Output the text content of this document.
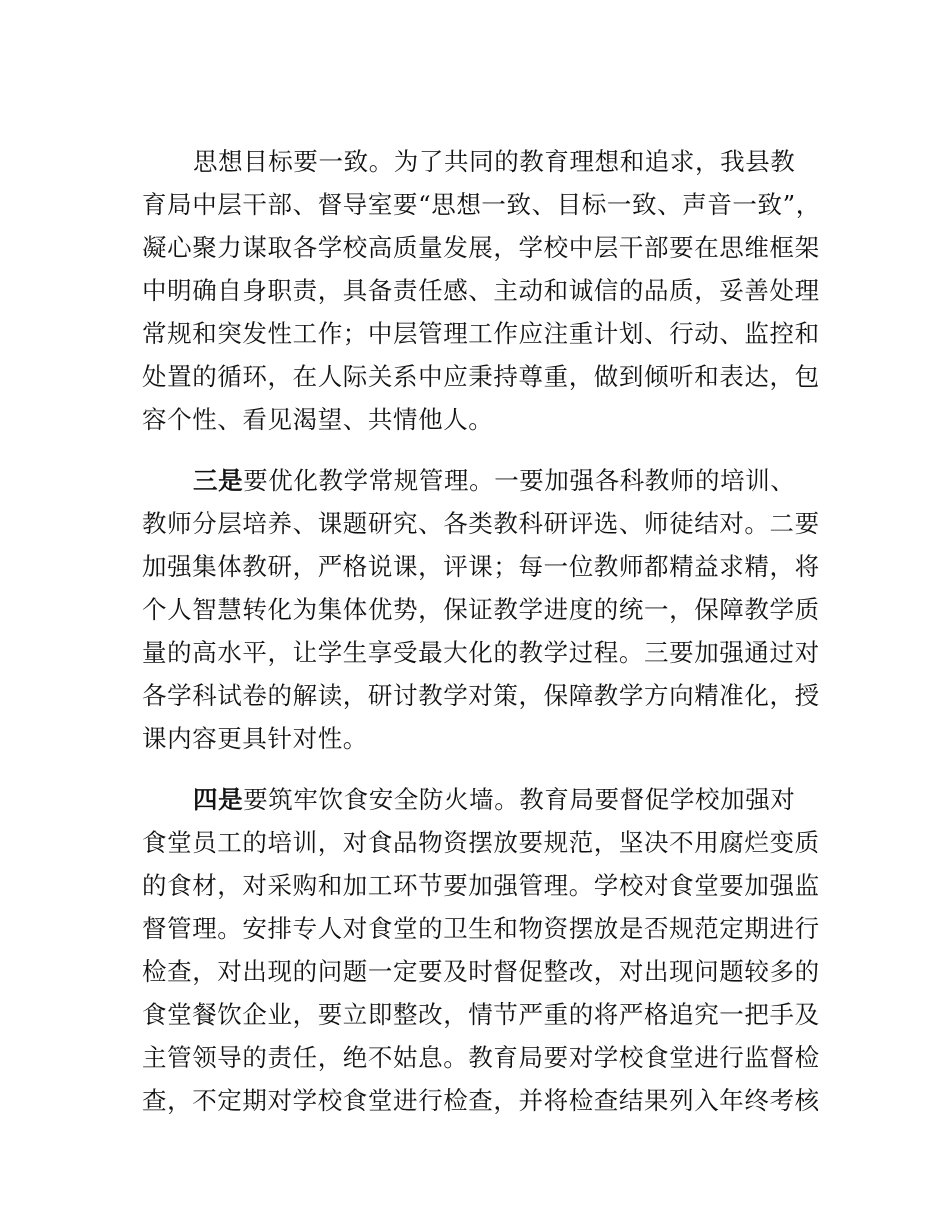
思想目标要一致。为了共同的教育理想和追求，我县教
育局中层干部、督导室要“思想一致、目标一致、声音一致”，
凝心聚力谋取各学校高质量发展，学校中层干部要在思维框架
中明确自身职责，具备责任感、主动和诚信的品质，妥善处理
常规和突发性工作；中层管理工作应注重计划、行动、监控和
处置的循环，在人际关系中应秉持尊重，做到倾听和表达，包
容个性、看见渴望、共情他人。
三是要优化教学常规管理。一要加强各科教师的培训、
教师分层培养、课题研究、各类教科研评选、师徒结对。二要
加强集体教研，严格说课，评课；每一位教师都精益求精，将
个人智慧转化为集体优势，保证教学进度的统一，保障教学质
量的高水平，让学生享受最大化的教学过程。三要加强通过对
各学科试卷的解读，研讨教学对策，保障教学方向精准化，授
课内容更具针对性。
四是要筑牢饮食安全防火墙。教育局要督促学校加强对
食堂员工的培训，对食品物资摆放要规范，坚决不用腐烂变质
的食材，对采购和加工环节要加强管理。学校对食堂要加强监
督管理。安排专人对食堂的卫生和物资摆放是否规范定期进行
检查，对出现的问题一定要及时督促整改，对出现问题较多的
食堂餐饮企业，要立即整改，情节严重的将严格追究一把手及
主管领导的责任，绝不姑息。教育局要对学校食堂进行监督检
查，不定期对学校食堂进行检查，并将检查结果列入年终考核
